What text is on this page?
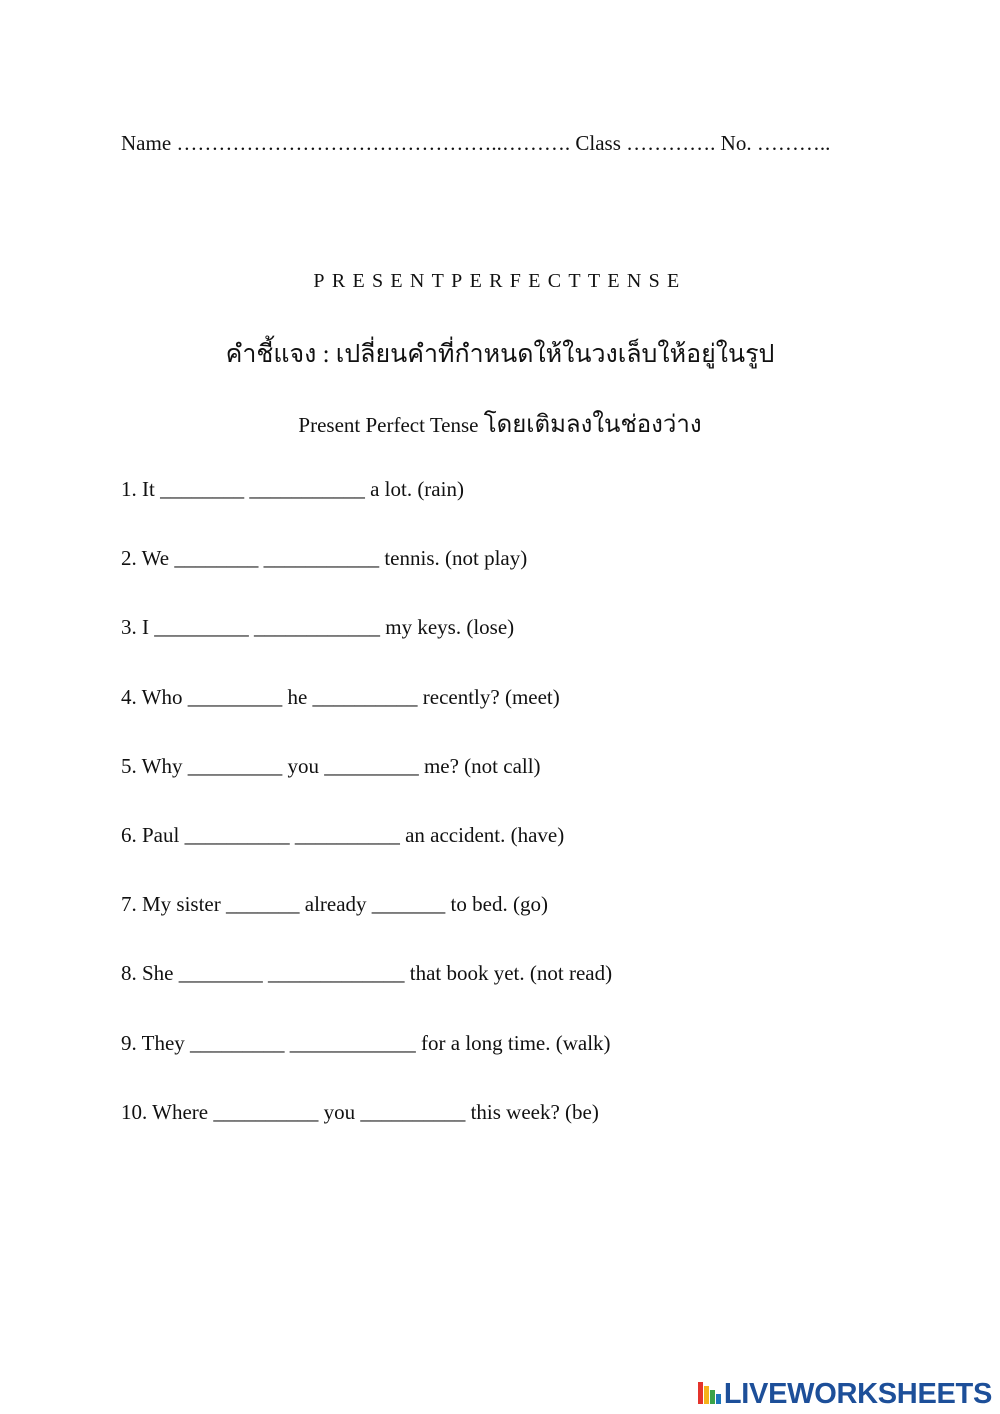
Name ………………………………………..………. Class …………. No. ………..
PRESENTPERFECTTENSE
คำชี้แจง : เปลี่ยนคำที่กำหนดให้ในวงเล็บให้อยู่ในรูป
Present Perfect Tense โดยเติมลงในช่องว่าง
1. It ________ ___________ a lot. (rain)
2. We ________ ___________ tennis. (not play)
3. I _________ ____________ my keys. (lose)
4. Who _________ he __________ recently? (meet)
5. Why _________ you _________ me? (not call)
6. Paul __________ __________ an accident. (have)
7. My sister _______ already _______ to bed. (go)
8. She ________ _____________ that book yet. (not read)
9. They _________ ____________ for a long time. (walk)
10. Where __________ you __________ this week? (be)
LIVEWORKSHEETS
